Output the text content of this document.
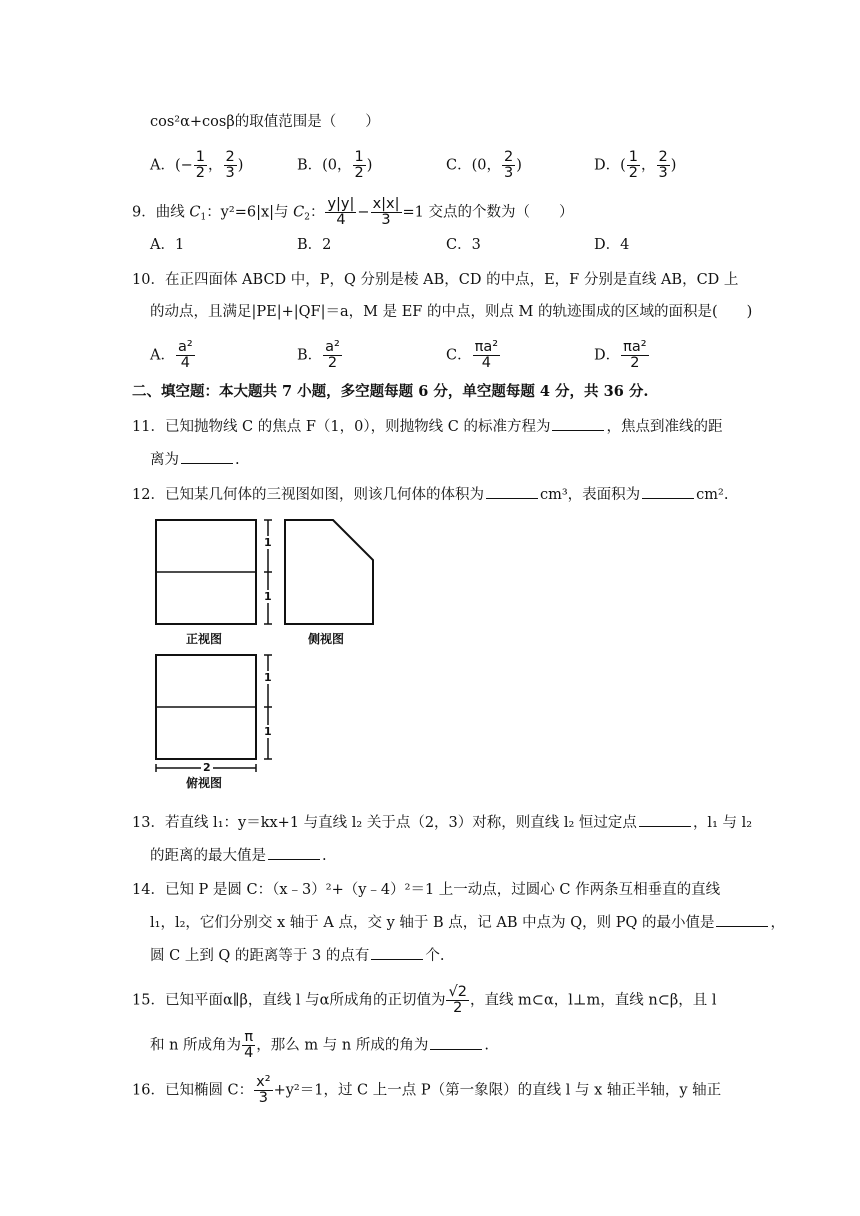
cos²α+cosβ的取值范围是（　　）
A．(− $\frac{1}{2}$ ， $\frac{2}{3}$ )	B．(0， $\frac{1}{2}$ )	C．(0， $\frac{2}{3}$ )	D．( $\frac{1}{2}$ ， $\frac{2}{3}$ )
9．曲线 $C_1$：y²=6|x|与 $C_2$： $\frac{y|y|}{4} - \frac{x|x|}{3} =1$ 交点的个数为（　　）
A．1	B．2	C．3	D．4
10．在正四面体 ABCD 中，P，Q 分别是棱 AB，CD 的中点，E，F 分别是直线 AB，CD 上
的动点，且满足|PE|+|QF|＝a，M 是 EF 的中点，则点 M 的轨迹围成的区域的面积是(　　)
A． $\frac{\text{a²}}{4}$	B． $\frac{\text{a²}}{2}$	C． $\frac{\text{πa²}}{4}$	D． $\frac{\text{πa²}}{2}$
二、填空题：本大题共 7 小题，多空题每题 6 分，单空题每题 4 分，共 36 分.
11．已知抛物线 C 的焦点 F（1，0），则抛物线 C 的标准方程为	，焦点到准线的距
离为	.
12．已知某几何体的三视图如图，则该几何体的体积为	cm³，表面积为	cm².
1
1
1
1
2
正视图	侧视图
俯视图
13．若直线 l₁：y＝kx+1 与直线 l₂ 关于点（2，3）对称，则直线 l₂ 恒过定点	，l₁ 与 l₂
的距离的最大值是	.
14．已知 P 是圆 C：（x﹣3）²+（y﹣4）²＝1 上一动点，过圆心 C 作两条互相垂直的直线
l₁，l₂，它们分别交 x 轴于 A 点，交 y 轴于 B 点，记 AB 中点为 Q，则 PQ 的最小值是	，
圆 C 上到 Q 的距离等于 3 的点有	个.
15．已知平面α∥β，直线 l 与α所成角的正切值为 $\frac{√2}{2}$ ，直线 m⊂α，l⊥m，直线 n⊂β，且 l
和 n 所成角为 $\frac{\pi}{4}$ ，那么 m 与 n 所成的角为	.
16．已知椭圆 C： $\frac{\text{x²}}{3} +y^2=1$，过 C 上一点 P（第一象限）的直线 l 与 x 轴正半轴，y 轴正
